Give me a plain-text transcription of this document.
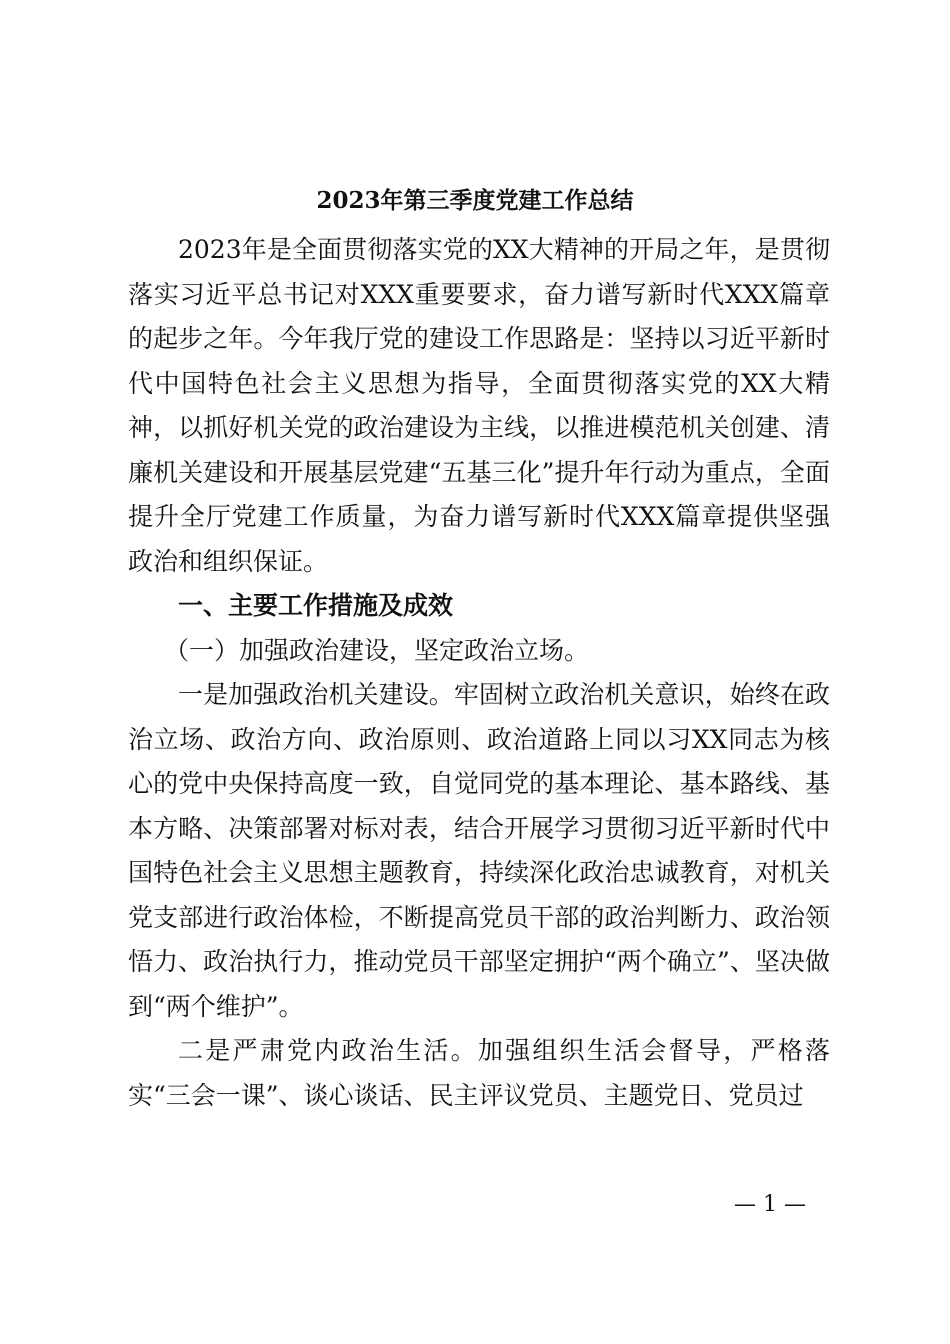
2023年第三季度党建工作总结

2023年是全面贯彻落实党的XX大精神的开局之年，是贯彻落实习近平总书记对XXX重要要求，奋力谱写新时代XXX篇章的起步之年。今年我厅党的建设工作思路是：坚持以习近平新时代中国特色社会主义思想为指导，全面贯彻落实党的XX大精神，以抓好机关党的政治建设为主线，以推进模范机关创建、清廉机关建设和开展基层党建“五基三化”提升年行动为重点，全面提升全厅党建工作质量，为奋力谱写新时代XXX篇章提供坚强政治和组织保证。

一、主要工作措施及成效

（一）加强政治建设，坚定政治立场。

一是加强政治机关建设。牢固树立政治机关意识，始终在政治立场、政治方向、政治原则、政治道路上同以习XX同志为核心的党中央保持高度一致，自觉同党的基本理论、基本路线、基本方略、决策部署对标对表，结合开展学习贯彻习近平新时代中国特色社会主义思想主题教育，持续深化政治忠诚教育，对机关党支部进行政治体检，不断提高党员干部的政治判断力、政治领悟力、政治执行力，推动党员干部坚定拥护“两个确立”、坚决做到“两个维护”。

二是严肃党内政治生活。加强组织生活会督导，严格落实“三会一课”、谈心谈话、民主评议党员、主题党日、党员过

— 1 —
